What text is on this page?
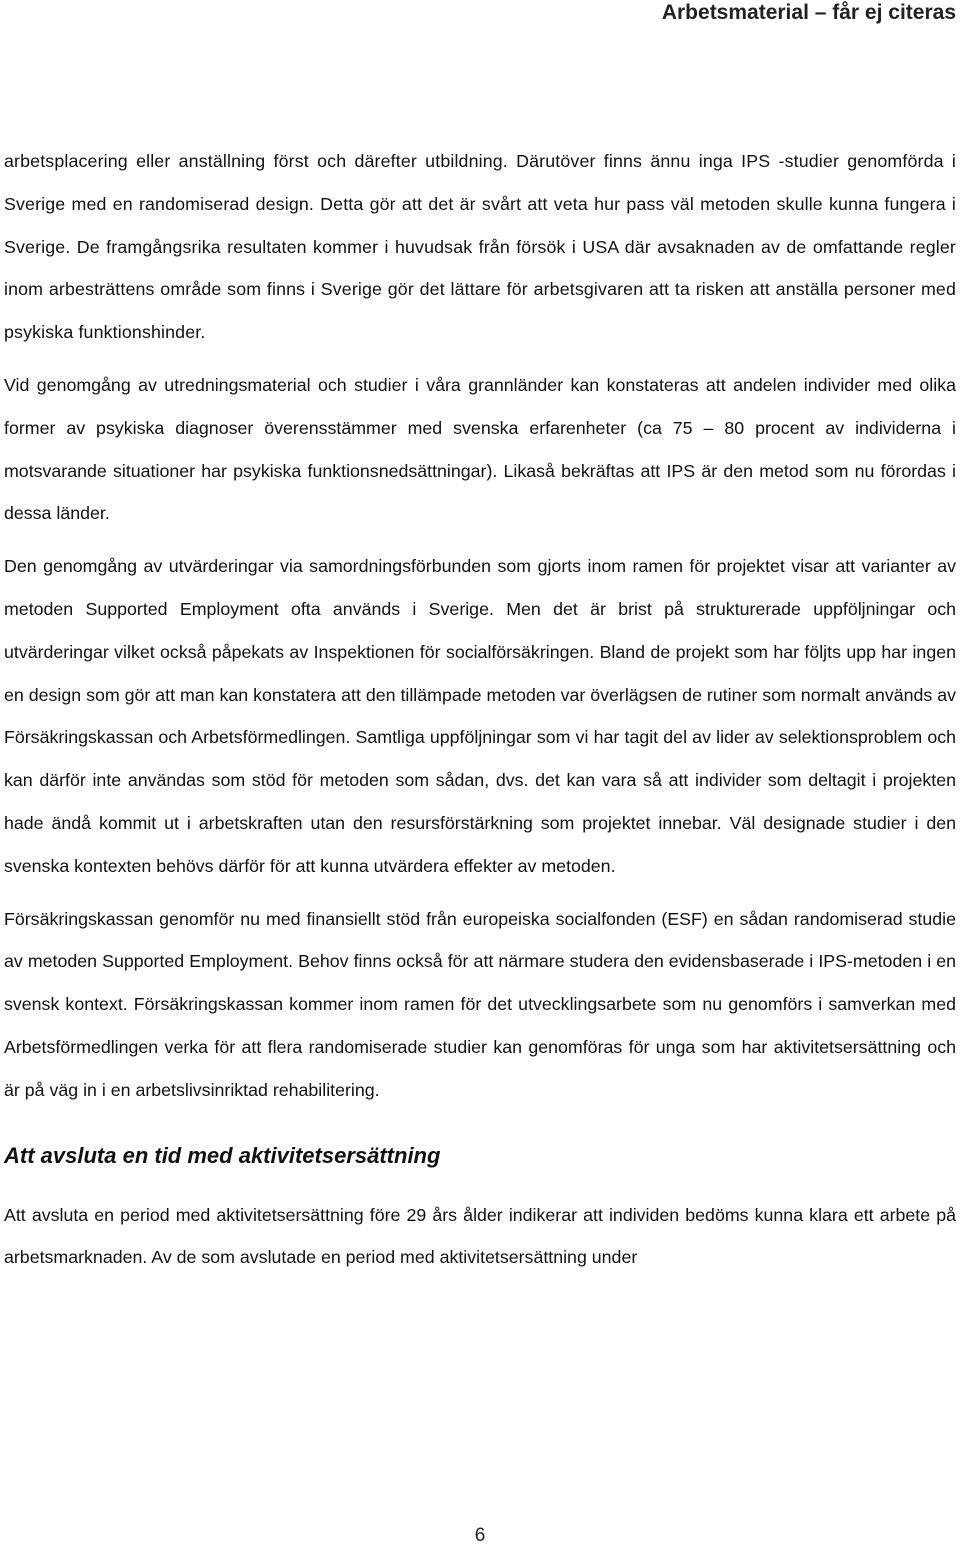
Arbetsmaterial – får ej citeras

arbetsplacering eller anställning först och därefter utbildning. Därutöver finns ännu inga IPS -studier genomförda i Sverige med en randomiserad design. Detta gör att det är svårt att veta hur pass väl metoden skulle kunna fungera i Sverige. De framgångsrika resultaten kommer i huvudsak från försök i USA där avsaknaden av de omfattande regler inom arbesträttens område som finns i Sverige gör det lättare för arbetsgivaren att ta risken att anställa personer med psykiska funktionshinder.

Vid genomgång av utredningsmaterial och studier i våra grannländer kan konstateras att andelen individer med olika former av psykiska diagnoser överensstämmer med svenska erfarenheter (ca 75 – 80 procent av individerna i motsvarande situationer har psykiska funktionsnedsättningar). Likaså bekräftas att IPS är den metod som nu förordas i dessa länder.

Den genomgång av utvärderingar via samordningsförbunden som gjorts inom ramen för projektet visar att varianter av metoden Supported Employment ofta används i Sverige. Men det är brist på strukturerade uppföljningar och utvärderingar vilket också påpekats av Inspektionen för socialförsäkringen. Bland de projekt som har följts upp har ingen en design som gör att man kan konstatera att den tillämpade metoden var överlägsen de rutiner som normalt används av Försäkringskassan och Arbetsförmedlingen. Samtliga uppföljningar som vi har tagit del av lider av selektionsproblem och kan därför inte användas som stöd för metoden som sådan, dvs. det kan vara så att individer som deltagit i projekten hade ändå kommit ut i arbetskraften utan den resursförstärkning som projektet innebar. Väl designade studier i den svenska kontexten behövs därför för att kunna utvärdera effekter av metoden.

Försäkringskassan genomför nu med finansiellt stöd från europeiska socialfonden (ESF) en sådan randomiserad studie av metoden Supported Employment. Behov finns också för att närmare studera den evidensbaserade i IPS-metoden i en svensk kontext. Försäkringskassan kommer inom ramen för det utvecklingsarbete som nu genomförs i samverkan med Arbetsförmedlingen verka för att flera randomiserade studier kan genomföras för unga som har aktivitetsersättning och är på väg in i en arbetslivsinriktad rehabilitering.

Att avsluta en tid med aktivitetsersättning

Att avsluta en period med aktivitetsersättning före 29 års ålder indikerar att individen bedöms kunna klara ett arbete på arbetsmarknaden. Av de som avslutade en period med aktivitetsersättning under

6
